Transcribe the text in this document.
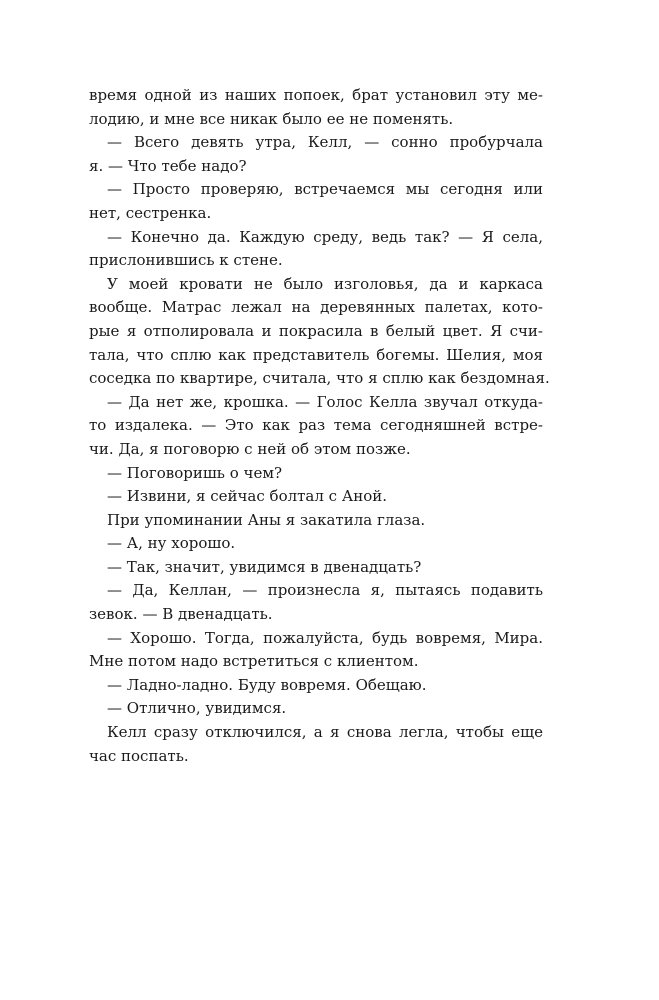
время одной из наших попоек, брат установил эту ме-
лодию, и мне все никак было ее не поменять.
— Всего девять утра, Келл, — сонно пробурчала
я. — Что тебе надо?
— Просто проверяю, встречаемся мы сегодня или
нет, сестренка.
— Конечно да. Каждую среду, ведь так? — Я села,
прислонившись к стене.
У моей кровати не было изголовья, да и каркаса
вообще. Матрас лежал на деревянных палетах, кото-
рые я отполировала и покрасила в белый цвет. Я счи-
тала, что сплю как представитель богемы. Шелия, моя
соседка по квартире, считала, что я сплю как бездомная.
— Да нет же, крошка. — Голос Келла звучал откуда-
то издалека. — Это как раз тема сегодняшней встре-
чи. Да, я поговорю с ней об этом позже.
— Поговоришь о чем?
— Извини, я сейчас болтал с Аной.
При упоминании Аны я закатила глаза.
— А, ну хорошо.
— Так, значит, увидимся в двенадцать?
— Да, Келлан, — произнесла я, пытаясь подавить
зевок. — В двенадцать.
— Хорошо. Тогда, пожалуйста, будь вовремя, Мира.
Мне потом надо встретиться с клиентом.
— Ладно-ладно. Буду вовремя. Обещаю.
— Отлично, увидимся.
Келл сразу отключился, а я снова легла, чтобы еще
час поспать.
